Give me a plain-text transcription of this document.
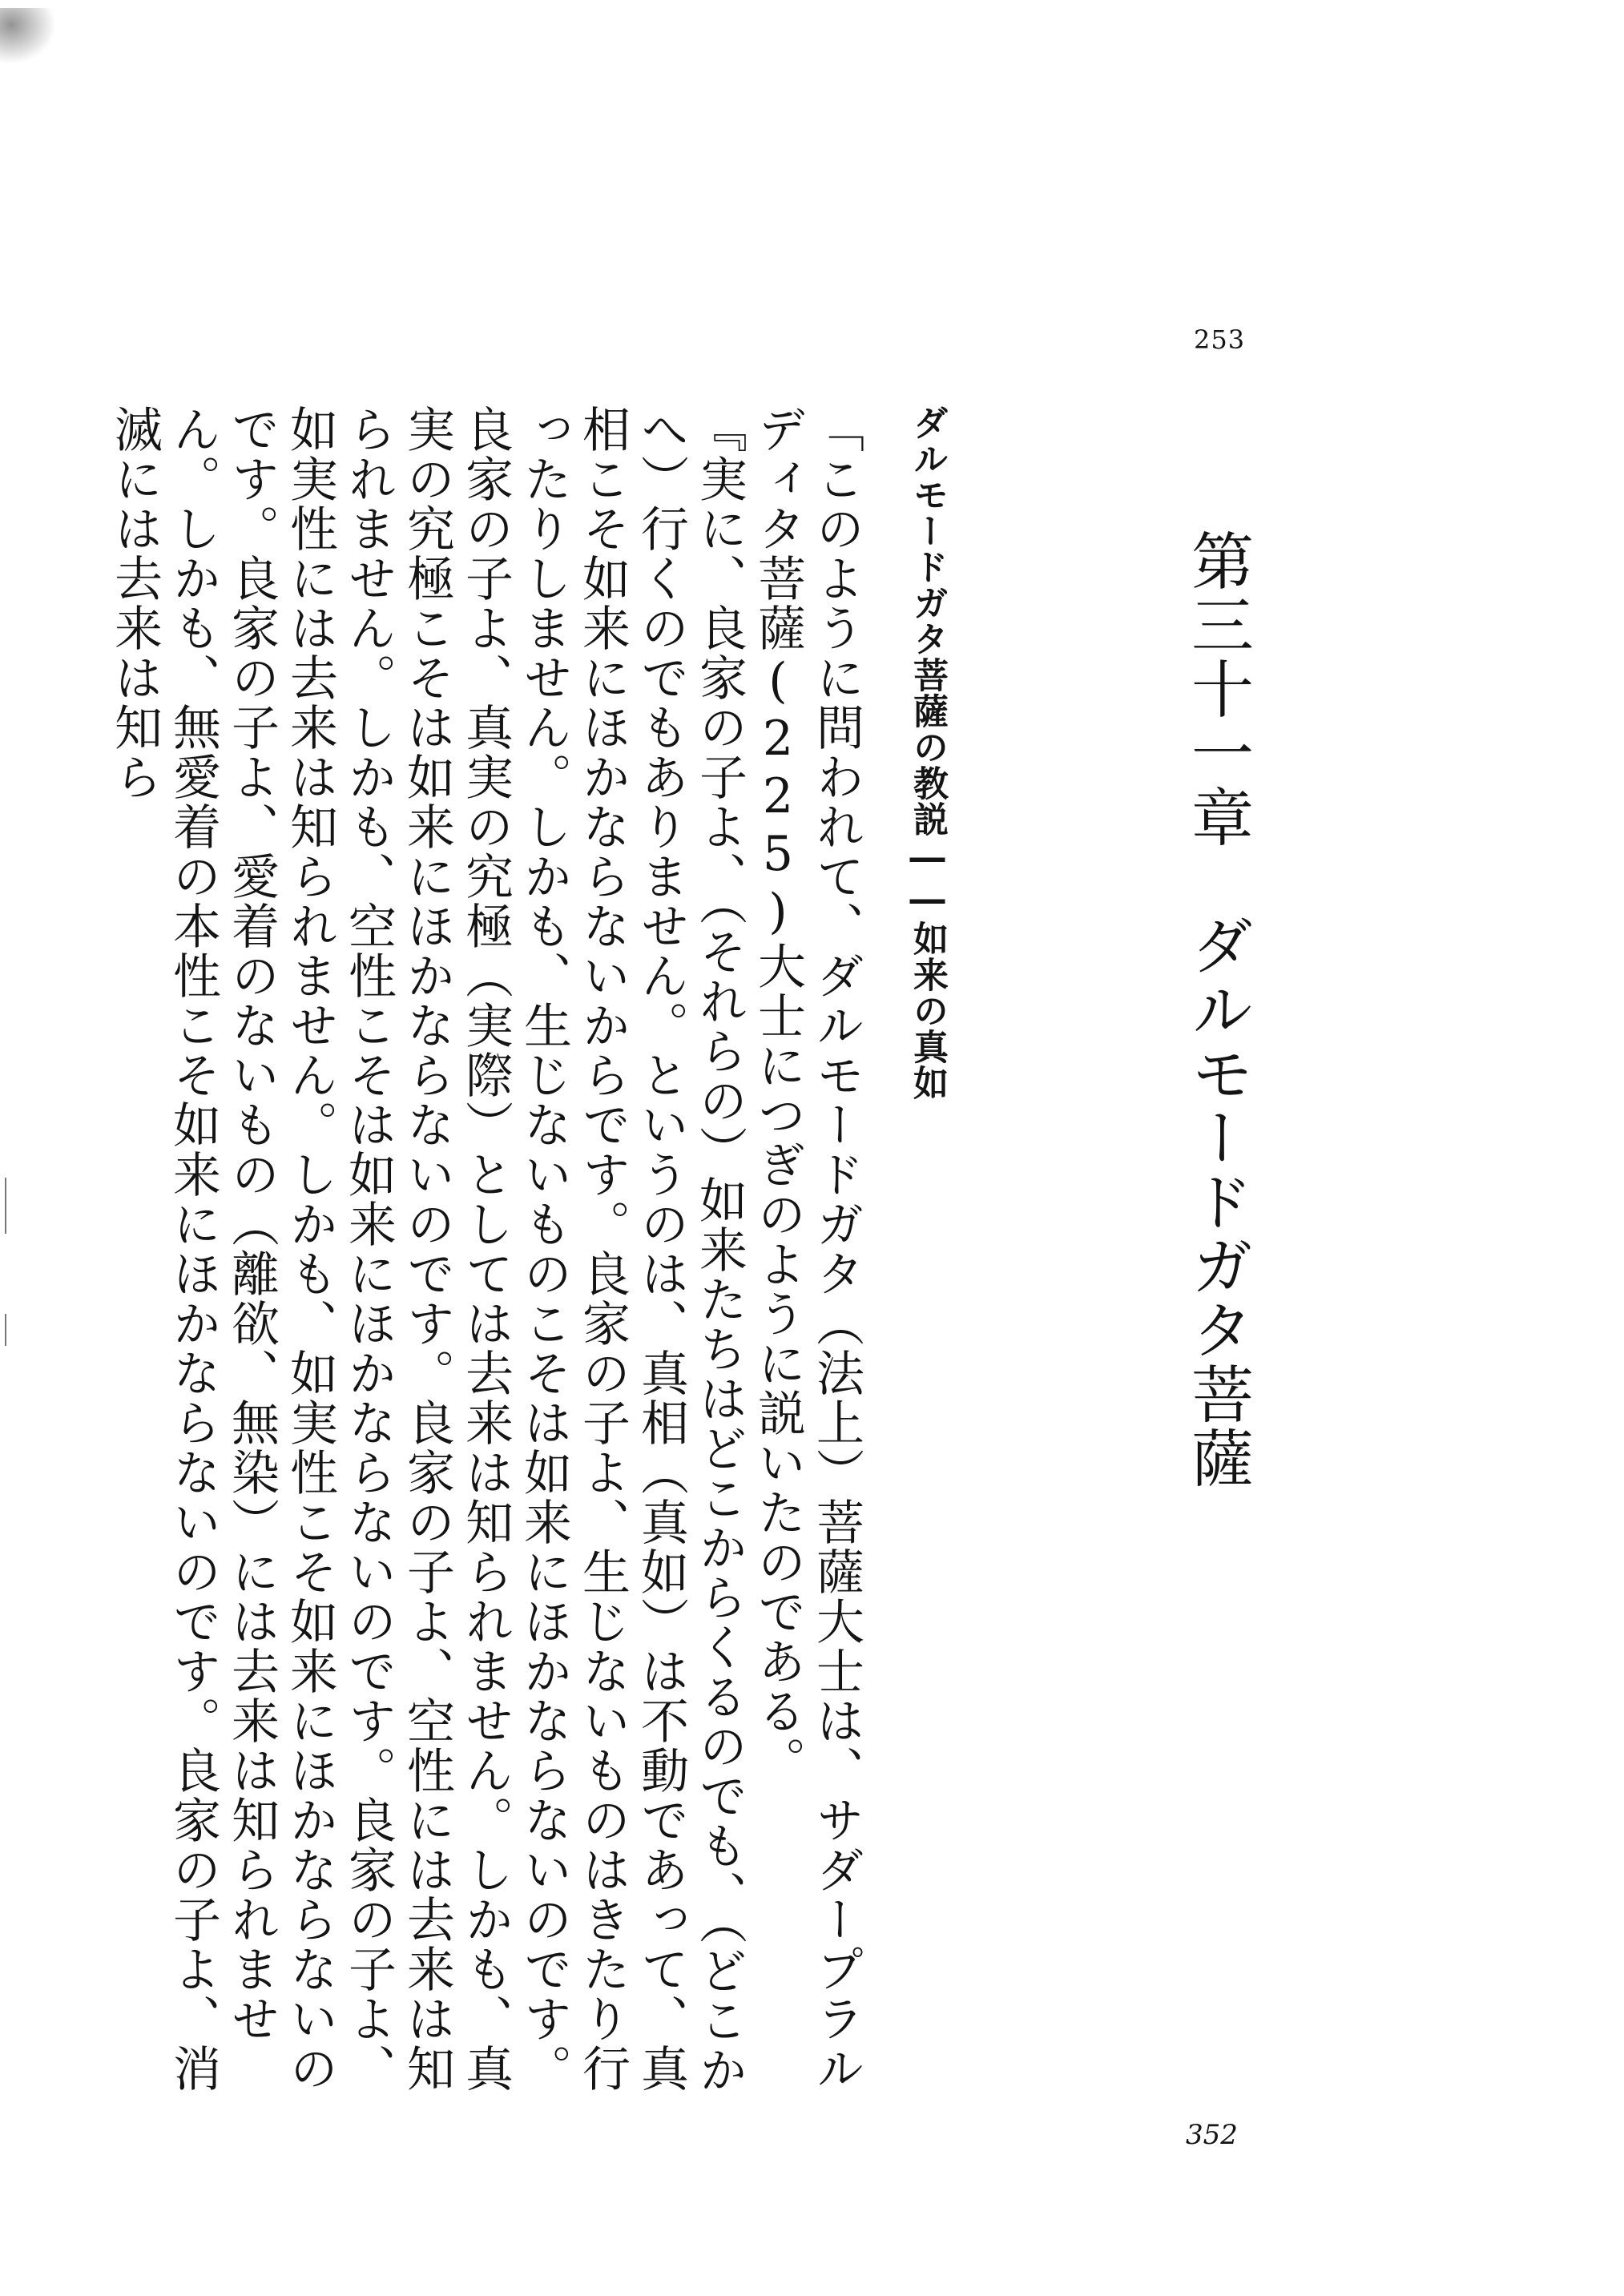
253
第三十一章　ダルモードガタ菩薩
ダルモードガタ菩薩の教説――如来の真如

「このように問われて、ダルモードガタ（法上）菩薩大士は、サダープラルディタ菩薩(225)大士につぎのように説いたのである。

『実に、良家の子よ、（それらの）如来たちはどこからくるのでも、（どこかへ）行くのでもありません。というのは、真相（真如）は不動であって、真相こそ如来にほかならないからです。良家の子よ、生じないものはきたり行ったりしません。しかも、生じないものこそは如来にほかならないのです。良家の子よ、真実の究極（実際）としては去来は知られません。しかも、真実の究極こそは如来にほかならないのです。良家の子よ、空性には去来は知られません。しかも、空性こそは如来にほかならないのです。良家の子よ、如実性には去来は知られません。しかも、如実性こそ如来にほかならないのです。良家の子よ、愛着のないもの（離欲、無染）には去来は知られません。しかも、無愛着の本性こそ如来にほかならないのです。良家の子よ、消滅には去来は知ら

352
